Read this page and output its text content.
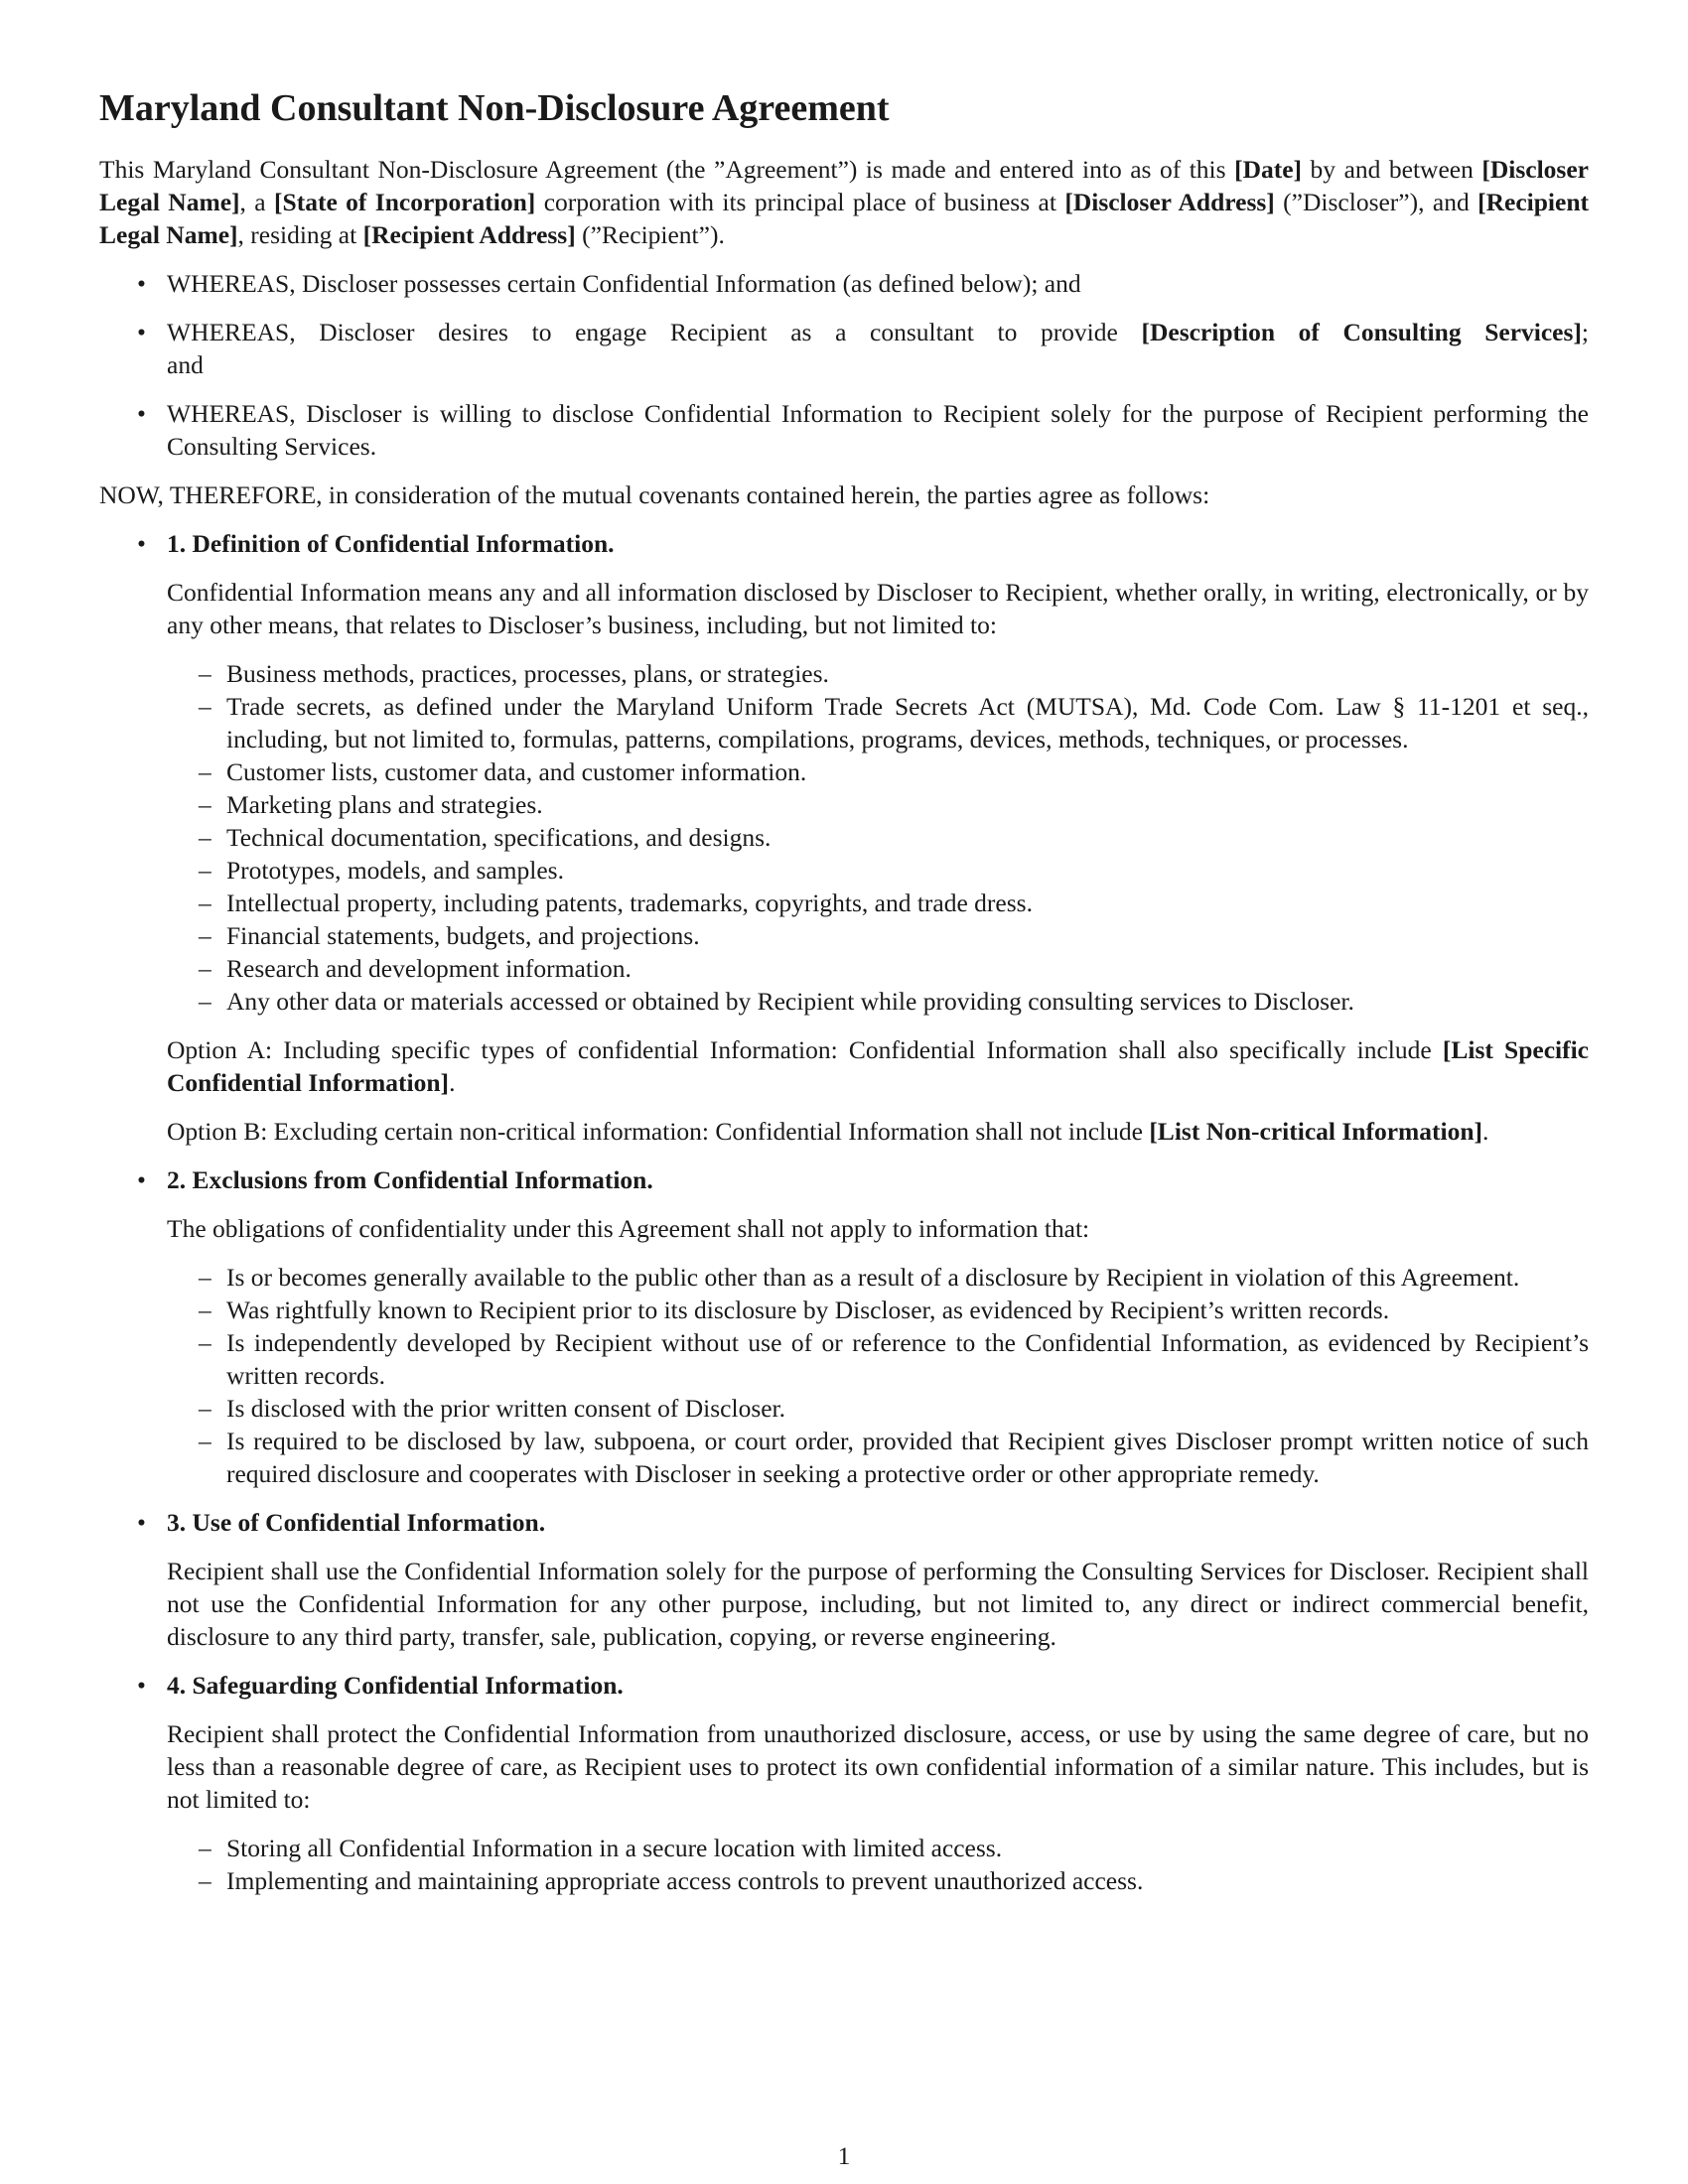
Maryland Consultant Non-Disclosure Agreement

This Maryland Consultant Non-Disclosure Agreement (the ”Agreement”) is made and entered into as of this [Date] by and between [Discloser Legal Name], a [State of Incorporation] corporation with its principal place of business at [Discloser Address] (”Discloser”), and [Recipient Legal Name], residing at [Recipient Address] (”Recipient”).

• WHEREAS, Discloser possesses certain Confidential Information (as defined below); and
• WHEREAS, Discloser desires to engage Recipient as a consultant to provide [Description of Consulting Services];
and
• WHEREAS, Discloser is willing to disclose Confidential Information to Recipient solely for the purpose of Recipient performing the Consulting Services.

NOW, THEREFORE, in consideration of the mutual covenants contained herein, the parties agree as follows:

• 1. Definition of Confidential Information.

Confidential Information means any and all information disclosed by Discloser to Recipient, whether orally, in writing, electronically, or by any other means, that relates to Discloser’s business, including, but not limited to:

– Business methods, practices, processes, plans, or strategies.
– Trade secrets, as defined under the Maryland Uniform Trade Secrets Act (MUTSA), Md. Code Com. Law § 11-1201 et seq., including, but not limited to, formulas, patterns, compilations, programs, devices, methods, techniques, or processes.
– Customer lists, customer data, and customer information.
– Marketing plans and strategies.
– Technical documentation, specifications, and designs.
– Prototypes, models, and samples.
– Intellectual property, including patents, trademarks, copyrights, and trade dress.
– Financial statements, budgets, and projections.
– Research and development information.
– Any other data or materials accessed or obtained by Recipient while providing consulting services to Discloser.

Option A: Including specific types of confidential Information: Confidential Information shall also specifically include [List Specific Confidential Information].

Option B: Excluding certain non-critical information: Confidential Information shall not include [List Non-critical Information].

• 2. Exclusions from Confidential Information.

The obligations of confidentiality under this Agreement shall not apply to information that:

– Is or becomes generally available to the public other than as a result of a disclosure by Recipient in violation of this Agreement.
– Was rightfully known to Recipient prior to its disclosure by Discloser, as evidenced by Recipient’s written records.
– Is independently developed by Recipient without use of or reference to the Confidential Information, as evidenced by Recipient’s written records.
– Is disclosed with the prior written consent of Discloser.
– Is required to be disclosed by law, subpoena, or court order, provided that Recipient gives Discloser prompt written notice of such required disclosure and cooperates with Discloser in seeking a protective order or other appropriate remedy.
• 3. Use of Confidential Information.

Recipient shall use the Confidential Information solely for the purpose of performing the Consulting Services for Discloser. Recipient shall not use the Confidential Information for any other purpose, including, but not limited to, any direct or indirect commercial benefit, disclosure to any third party, transfer, sale, publication, copying, or reverse engineering.

• 4. Safeguarding Confidential Information.

Recipient shall protect the Confidential Information from unauthorized disclosure, access, or use by using the same degree of care, but no less than a reasonable degree of care, as Recipient uses to protect its own confidential information of a similar nature. This includes, but is not limited to:

– Storing all Confidential Information in a secure location with limited access.
– Implementing and maintaining appropriate access controls to prevent unauthorized access.
1
